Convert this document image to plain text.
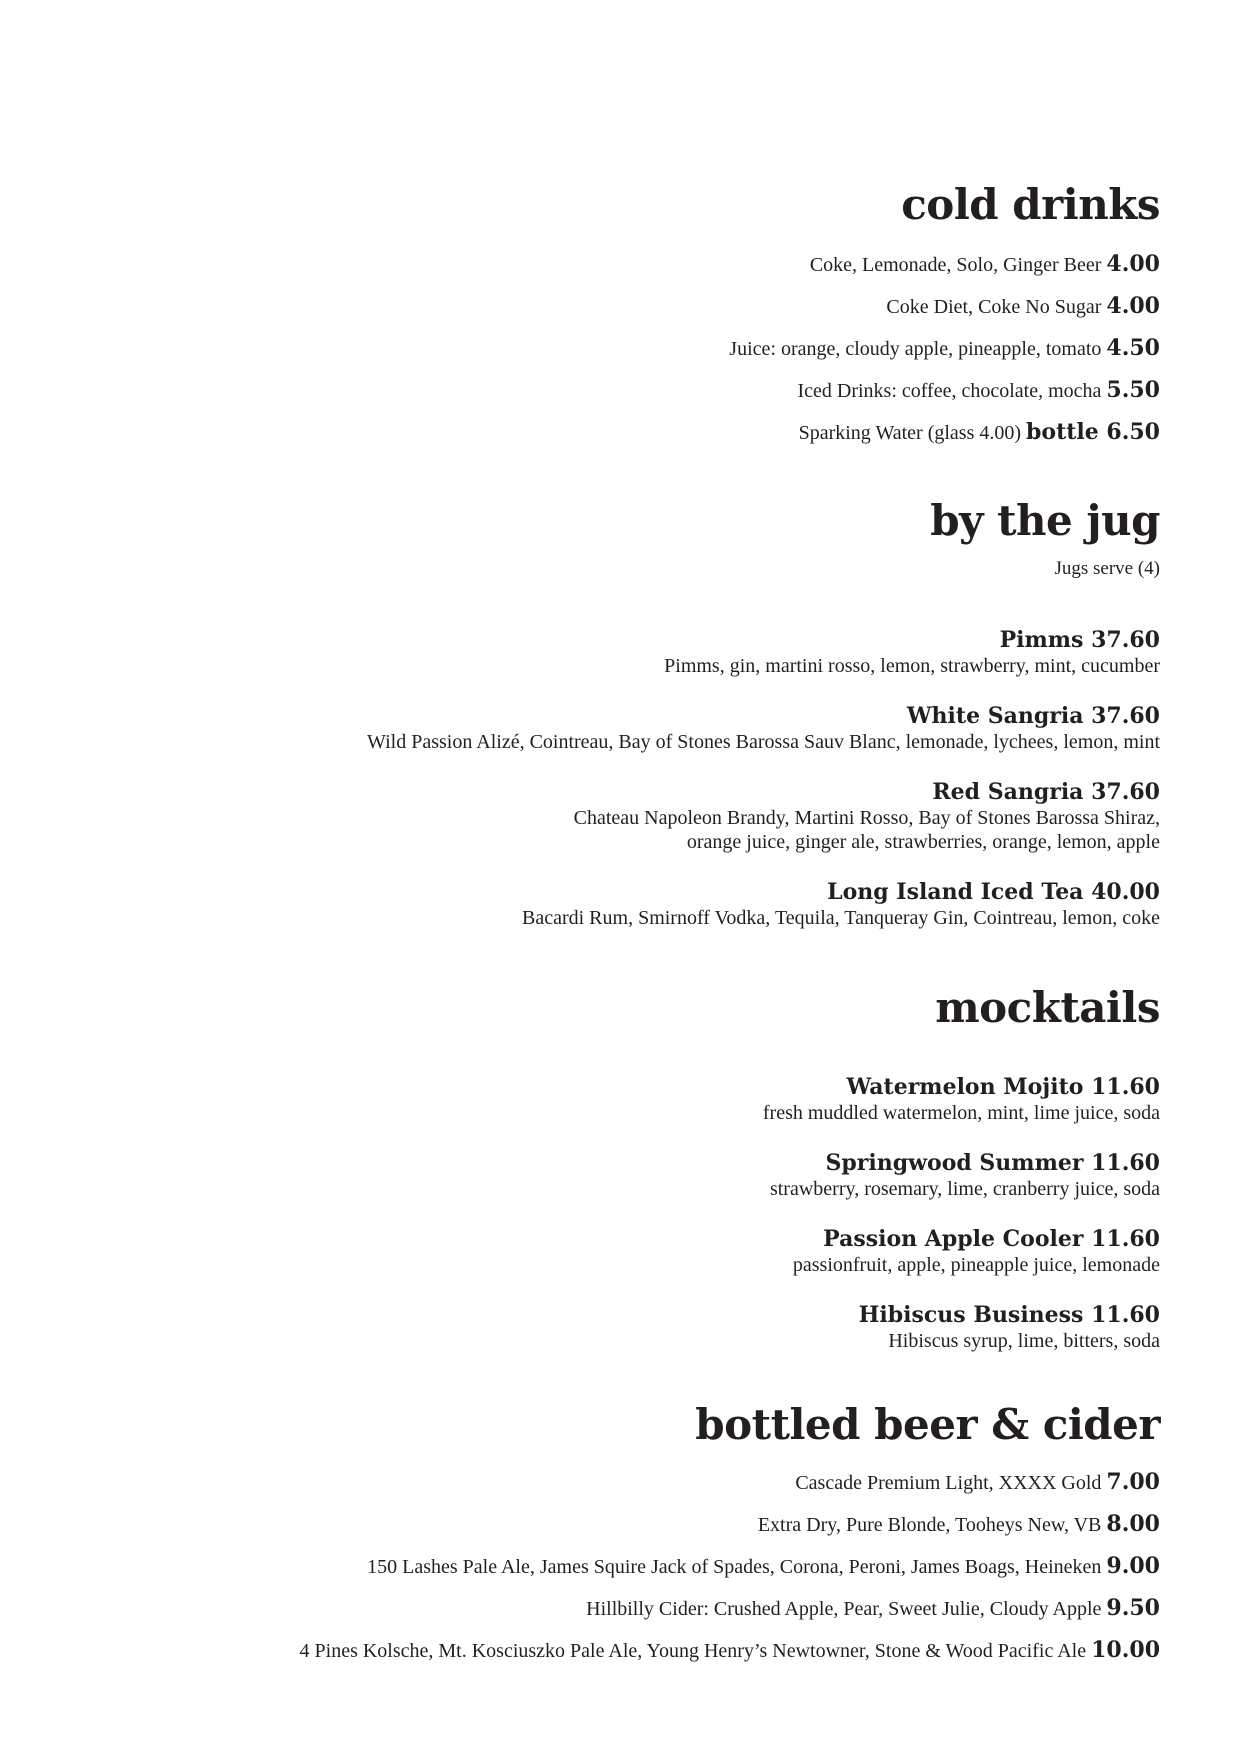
cold drinks
Coke, Lemonade, Solo, Ginger Beer 4.00
Coke Diet, Coke No Sugar 4.00
Juice: orange, cloudy apple, pineapple, tomato 4.50
Iced Drinks: coffee, chocolate, mocha 5.50
Sparking Water (glass 4.00) bottle 6.50
by the jug
Jugs serve (4)
Pimms 37.60
Pimms, gin, martini rosso, lemon, strawberry, mint, cucumber
White Sangria 37.60
Wild Passion Alizé, Cointreau, Bay of Stones Barossa Sauv Blanc, lemonade, lychees, lemon, mint
Red Sangria 37.60
Chateau Napoleon Brandy, Martini Rosso, Bay of Stones Barossa Shiraz,
orange juice, ginger ale, strawberries, orange, lemon, apple
Long Island Iced Tea 40.00
Bacardi Rum, Smirnoff Vodka, Tequila, Tanqueray Gin, Cointreau, lemon, coke
mocktails
Watermelon Mojito 11.60
fresh muddled watermelon, mint, lime juice, soda
Springwood Summer 11.60
strawberry, rosemary, lime, cranberry juice, soda
Passion Apple Cooler 11.60
passionfruit, apple, pineapple juice, lemonade
Hibiscus Business 11.60
Hibiscus syrup, lime, bitters, soda
bottled beer & cider
Cascade Premium Light, XXXX Gold 7.00
Extra Dry, Pure Blonde, Tooheys New, VB 8.00
150 Lashes Pale Ale, James Squire Jack of Spades, Corona, Peroni, James Boags, Heineken 9.00
Hillbilly Cider: Crushed Apple, Pear, Sweet Julie, Cloudy Apple 9.50
4 Pines Kolsche, Mt. Kosciuszko Pale Ale, Young Henry’s Newtowner, Stone & Wood Pacific Ale 10.00
